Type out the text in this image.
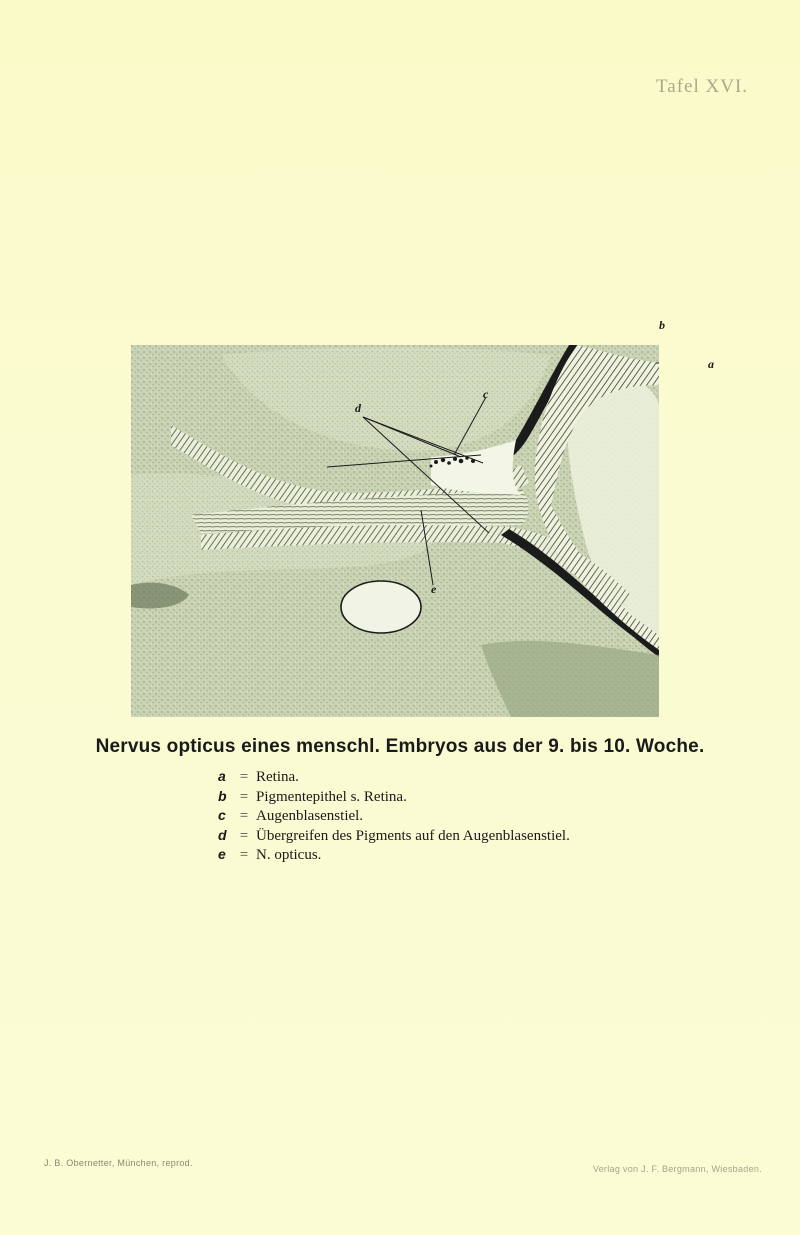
Tafel XVI.
b
a
c
d
e
Nervus opticus eines menschl. Embryos aus der 9. bis 10. Woche.
a = Retina.
b = Pigmentepithel s. Retina.
c = Augenblasenstiel.
d = Übergreifen des Pigments auf den Augenblasenstiel.
e = N. opticus.
J. B. Obernetter, München, reprod.
Verlag von J. F. Bergmann, Wiesbaden.
